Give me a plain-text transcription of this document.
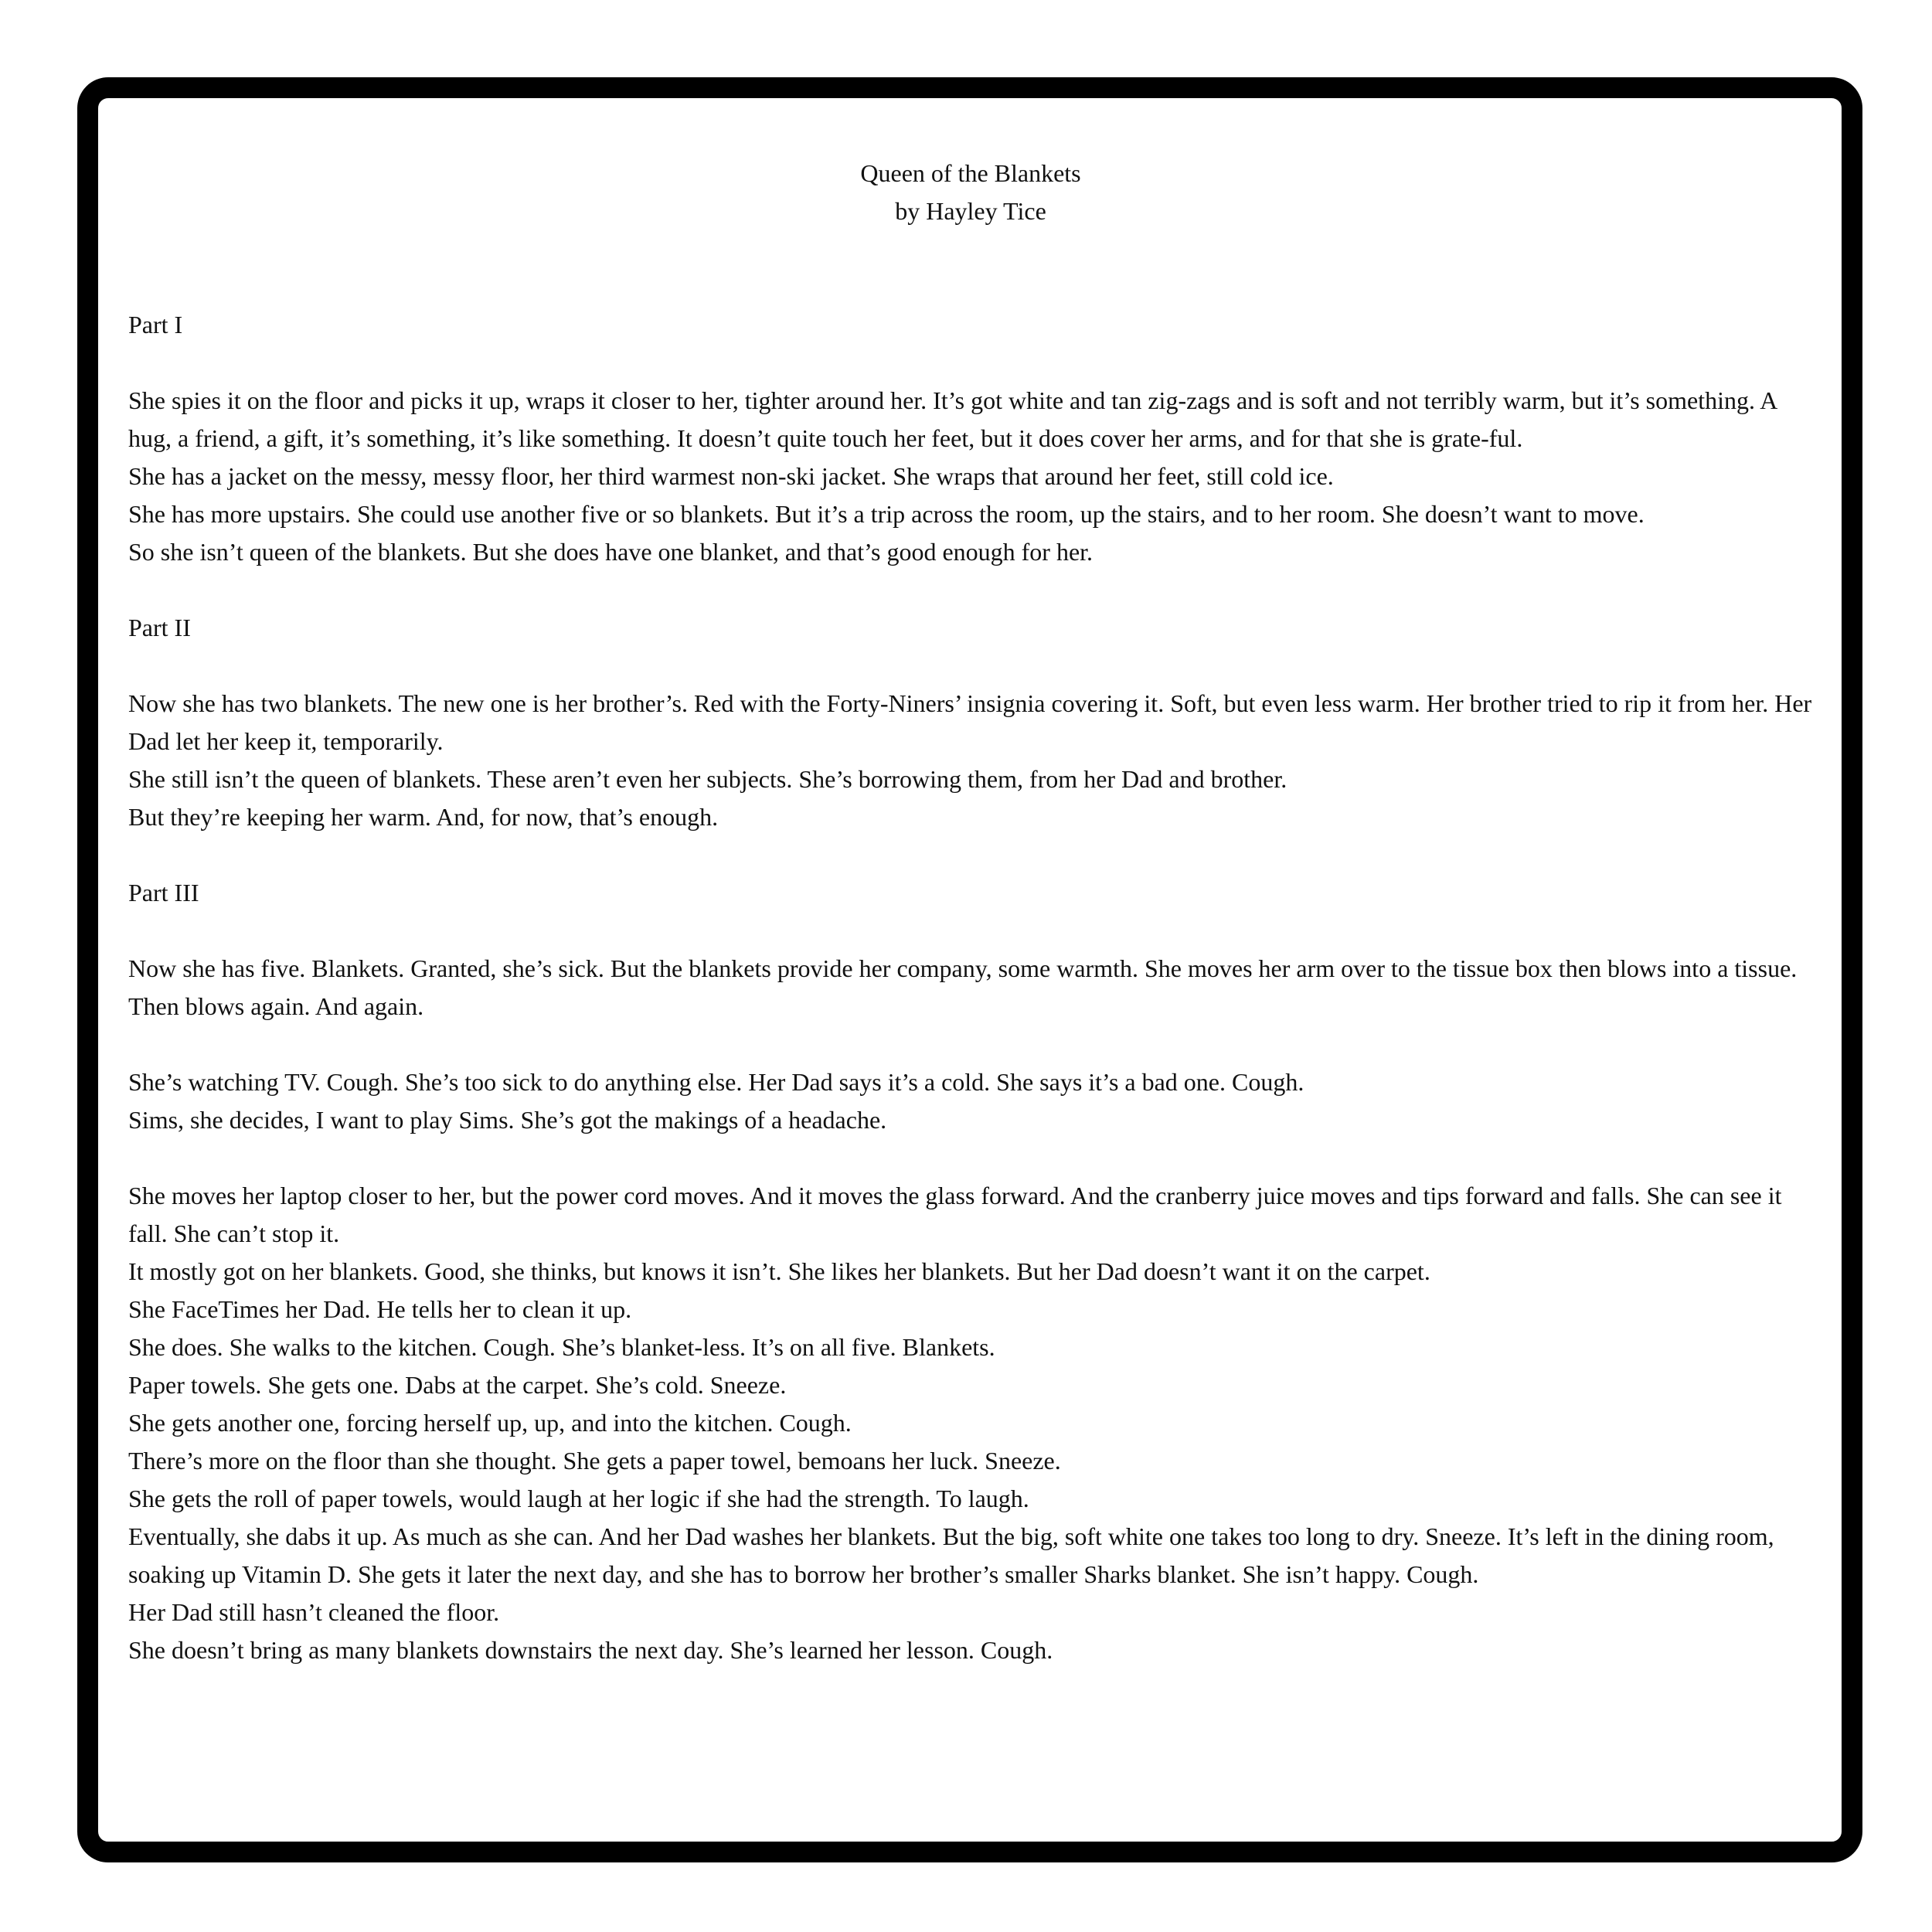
Queen of the Blankets
by Hayley Tice
Part I

She spies it on the floor and picks it up, wraps it closer to her, tighter around her. It’s got white and tan zig-zags and is soft and not terribly warm, but it’s something. A hug, a friend, a gift, it’s something, it’s like something. It doesn’t quite touch her feet, but it does cover her arms, and for that she is grate-ful.

She has a jacket on the messy, messy floor, her third warmest non-ski jacket. She wraps that around her feet, still cold ice.

She has more upstairs. She could use another five or so blankets. But it’s a trip across the room, up the stairs, and to her room. She doesn’t want to move.

So she isn’t queen of the blankets. But she does have one blanket, and that’s good enough for her.

Part II

Now she has two blankets. The new one is her brother’s. Red with the Forty-Niners’ insignia covering it. Soft, but even less warm. Her brother tried to rip it from her. Her Dad let her keep it, temporarily.

She still isn’t the queen of blankets. These aren’t even her subjects. She’s borrowing them, from her Dad and brother.

But they’re keeping her warm. And, for now, that’s enough.

Part III

Now she has five. Blankets. Granted, she’s sick. But the blankets provide her company, some warmth. She moves her arm over to the tissue box then blows into a tissue. Then blows again. And again.

She’s watching TV. Cough. She’s too sick to do anything else. Her Dad says it’s a cold. She says it’s a bad one. Cough.

Sims, she decides, I want to play Sims. She’s got the makings of a headache.

She moves her laptop closer to her, but the power cord moves. And it moves the glass forward. And the cranberry juice moves and tips forward and falls. She can see it fall. She can’t stop it.

It mostly got on her blankets. Good, she thinks, but knows it isn’t. She likes her blankets. But her Dad doesn’t want it on the carpet.

She FaceTimes her Dad. He tells her to clean it up.

She does. She walks to the kitchen. Cough. She’s blanket-less. It’s on all five. Blankets.

Paper towels. She gets one. Dabs at the carpet. She’s cold. Sneeze.

She gets another one, forcing herself up, up, and into the kitchen. Cough.

There’s more on the floor than she thought. She gets a paper towel, bemoans her luck. Sneeze.

She gets the roll of paper towels, would laugh at her logic if she had the strength. To laugh.

Eventually, she dabs it up. As much as she can. And her Dad washes her blankets. But the big, soft white one takes too long to dry. Sneeze. It’s left in the dining room, soaking up Vitamin D. She gets it later the next day, and she has to borrow her brother’s smaller Sharks blanket. She isn’t happy. Cough.

Her Dad still hasn’t cleaned the floor.

She doesn’t bring as many blankets downstairs the next day. She’s learned her lesson. Cough.
